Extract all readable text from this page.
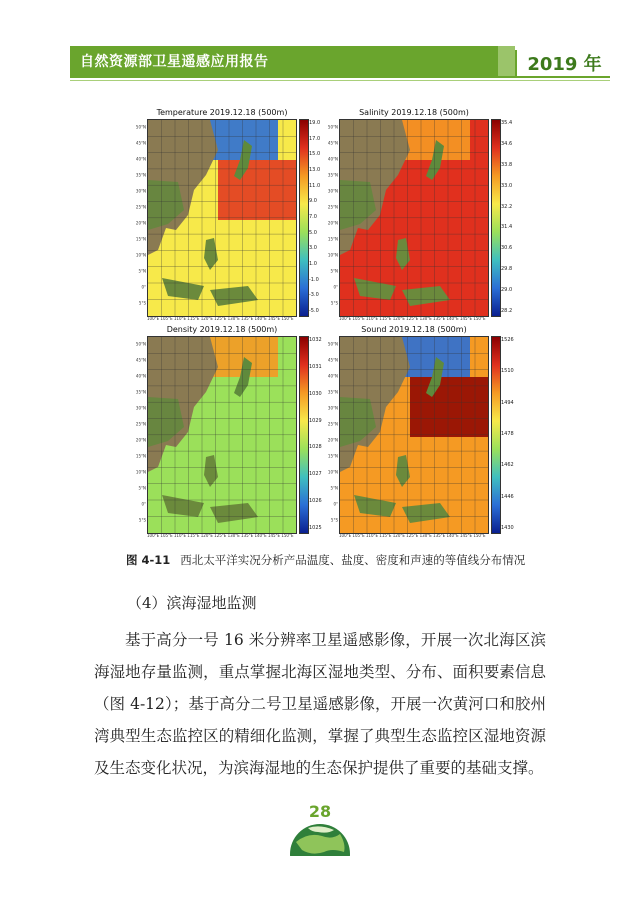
自然资源部卫星遥感应用报告	2019 年
Temperature 2019.12.18 (500m)
50°N
45°N
40°N
35°N
30°N
25°N
20°N
15°N
10°N
5°N
0°
5°S
19.0
17.0
15.0
13.0
11.0
9.0
7.0
5.0
3.0
1.0
-1.0
-3.0
-5.0
100°E 105°E 110°E 115°E 120°E 125°E 130°E 135°E 140°E 145°E 150°E
Salinity 2019.12.18 (500m)
50°N
45°N
40°N
35°N
30°N
25°N
20°N
15°N
10°N
5°N
0°
5°S
35.4
34.6
33.8
33.0
32.2
31.4
30.6
29.8
29.0
28.2
100°E 105°E 110°E 115°E 120°E 125°E 130°E 135°E 140°E 145°E 150°E
Density 2019.12.18 (500m)
50°N
45°N
40°N
35°N
30°N
25°N
20°N
15°N
10°N
5°N
0°
5°S
1032
1031
1030
1029
1028
1027
1026
1025
100°E 105°E 110°E 115°E 120°E 125°E 130°E 135°E 140°E 145°E 150°E
Sound 2019.12.18 (500m)
50°N
45°N
40°N
35°N
30°N
25°N
20°N
15°N
10°N
5°N
0°
5°S
1526
1510
1494
1478
1462
1446
1430
100°E 105°E 110°E 115°E 120°E 125°E 130°E 135°E 140°E 145°E 150°E
图 4-11 西北太平洋实况分析产品温度、盐度、密度和声速的等值线分布情况
（4）滨海湿地监测
基于高分一号 16 米分辨率卫星遥感影像，开展一次北海区滨海湿地存量监测，重点掌握北海区湿地类型、分布、面积要素信息（图 4-12）；基于高分二号卫星遥感影像，开展一次黄河口和胶州湾典型生态监控区的精细化监测，掌握了典型生态监控区湿地资源及生态变化状况，为滨海湿地的生态保护提供了重要的基础支撑。
28
